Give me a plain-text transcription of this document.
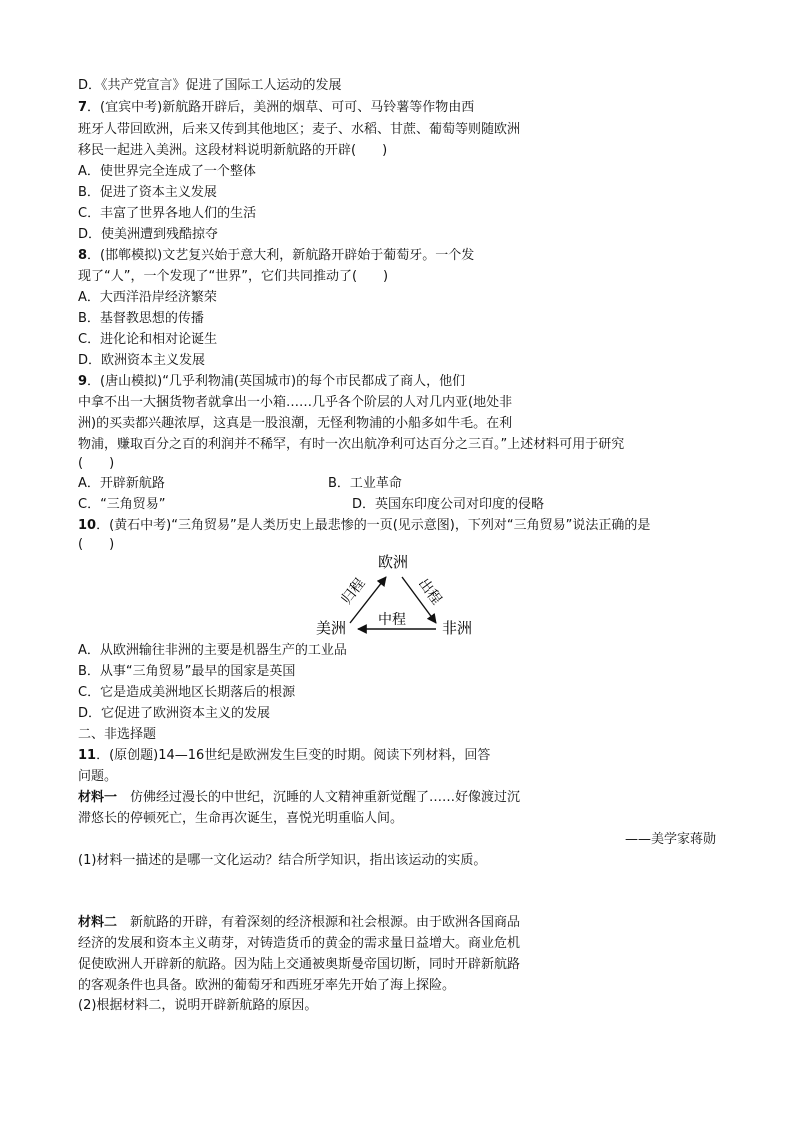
D．《共产党宣言》促进了国际工人运动的发展
7．(宜宾中考)新航路开辟后，美洲的烟草、可可、马铃薯等作物由西
班牙人带回欧洲，后来又传到其他地区；麦子、水稻、甘蔗、葡萄等则随欧洲
移民一起进入美洲。这段材料说明新航路的开辟(　　)
A．使世界完全连成了一个整体
B．促进了资本主义发展
C．丰富了世界各地人们的生活
D．使美洲遭到残酷掠夺
8．(邯郸模拟)文艺复兴始于意大利，新航路开辟始于葡萄牙。一个发
现了“人”，一个发现了“世界”，它们共同推动了(　　)
A．大西洋沿岸经济繁荣
B．基督教思想的传播
C．进化论和相对论诞生
D．欧洲资本主义发展
9．(唐山模拟)“几乎利物浦(英国城市)的每个市民都成了商人，他们
中拿不出一大捆货物者就拿出一小箱……几乎各个阶层的人对几内亚(地处非
洲)的买卖都兴趣浓厚，这真是一股浪潮，无怪利物浦的小船多如牛毛。在利
物浦，赚取百分之百的利润并不稀罕，有时一次出航净利可达百分之三百。”上述材料可用于研究
(　　)
A．开辟新航路	B．工业革命
C．“三角贸易”	D．英国东印度公司对印度的侵略
10．(黄石中考)“三角贸易”是人类历史上最悲惨的一页(见示意图)，下列对“三角贸易”说法正确的是
(　　)
欧洲
美洲	非洲
归程	出程
中程
A．从欧洲输往非洲的主要是机器生产的工业品
B．从事“三角贸易”最早的国家是英国
C．它是造成美洲地区长期落后的根源
D．它促进了欧洲资本主义的发展
二、非选择题
11．(原创题)14—16世纪是欧洲发生巨变的时期。阅读下列材料，回答
问题。
材料一　仿佛经过漫长的中世纪，沉睡的人文精神重新觉醒了……好像渡过沉
滞悠长的停顿死亡，生命再次诞生，喜悦光明重临人间。
——美学家蒋勋
(1)材料一描述的是哪一文化运动？结合所学知识，指出该运动的实质。
材料二　新航路的开辟，有着深刻的经济根源和社会根源。由于欧洲各国商品
经济的发展和资本主义萌芽，对铸造货币的黄金的需求量日益增大。商业危机
促使欧洲人开辟新的航路。因为陆上交通被奥斯曼帝国切断，同时开辟新航路
的客观条件也具备。欧洲的葡萄牙和西班牙率先开始了海上探险。
(2)根据材料二，说明开辟新航路的原因。
